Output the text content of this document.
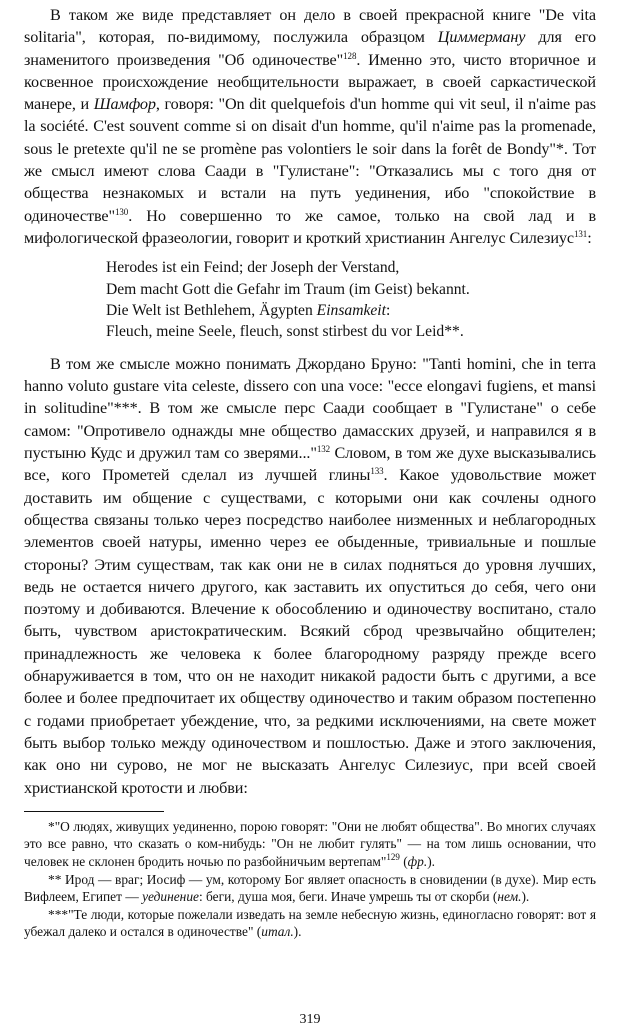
В таком же виде представляет он дело в своей прекрасной книге "De vita solitaria", которая, по-видимому, послужила образцом Циммерману для его знаменитого произведения "Об одиночестве"$^{128}$. Именно это, чисто вторичное и косвенное происхождение необщительности выражает, в своей саркастической манере, и Шамфор, говоря: "On dit quelquefois d'un homme qui vit seul, il n'aime pas la société. C'est souvent comme si on disait d'un homme, qu'il n'aime pas la promenade, sous le pretexte qu'il ne se promène pas volontiers le soir dans la forêt de Bondy"*. Тот же смысл имеют слова Саади в "Гулистане": "Отказались мы с того дня от общества незнакомых и встали на путь уединения, ибо "спокойствие в одиночестве"$^{130}$. Но совершенно то же самое, только на свой лад и в мифологической фразеологии, говорит и кроткий христианин Ангелус Силезиус$^{131}$:

Herodes ist ein Feind; der Joseph der Verstand,
Dem macht Gott die Gefahr im Traum (im Geist) bekannt.
Die Welt ist Bethlehem, Ägypten Einsamkeit:
Fleuch, meine Seele, fleuch, sonst stirbest du vor Leid**.

В том же смысле можно понимать Джордано Бруно: "Tanti homini, che in terra hanno voluto gustare vita celeste, dissero con una voce: "ecce elongavi fugiens, et mansi in solitudine"***. В том же смысле перс Саади сообщает в "Гулистане" о себе самом: "Опротивело однажды мне общество дамасских друзей, и направился я в пустыню Кудс и дружил там со зверями..."$^{132}$ Словом, в том же духе высказывались все, кого Прометей сделал из лучшей глины$^{133}$. Какое удовольствие может доставить им общение с существами, с которыми они как сочлены одного общества связаны только через посредство наиболее низменных и неблагородных элементов своей натуры, именно через ее обыденные, тривиальные и пошлые стороны? Этим существам, так как они не в силах подняться до уровня лучших, ведь не остается ничего другого, как заставить их опуститься до себя, чего они поэтому и добиваются. Влечение к обособлению и одиночеству воспитано, стало быть, чувством аристократическим. Всякий сброд чрезвычайно общителен; принадлежность же человека к более благородному разряду прежде всего обнаруживается в том, что он не находит никакой радости быть с другими, а все более и более предпочитает их обществу одиночество и таким образом постепенно с годами приобретает убеждение, что, за редкими исключениями, на свете может быть выбор только между одиночеством и пошлостью. Даже и этого заключения, как оно ни сурово, не мог не высказать Ангелус Силезиус, при всей своей христианской кротости и любви:

*"О людях, живущих уединенно, порою говорят: "Они не любят общества". Во многих случаях это все равно, что сказать о ком-нибудь: "Он не любит гулять" — на том лишь основании, что человек не склонен бродить ночью по разбойничьим вертепам"$^{129}$ (фр.).

** Ирод — враг; Иосиф — ум, которому Бог являет опасность в сновидении (в духе). Мир есть Вифлеем, Египет — уединение: беги, душа моя, беги. Иначе умрешь ты от скорби (нем.).

***"Те люди, которые пожелали изведать на земле небесную жизнь, единогласно говорят: вот я убежал далеко и остался в одиночестве" (итал.).

319
